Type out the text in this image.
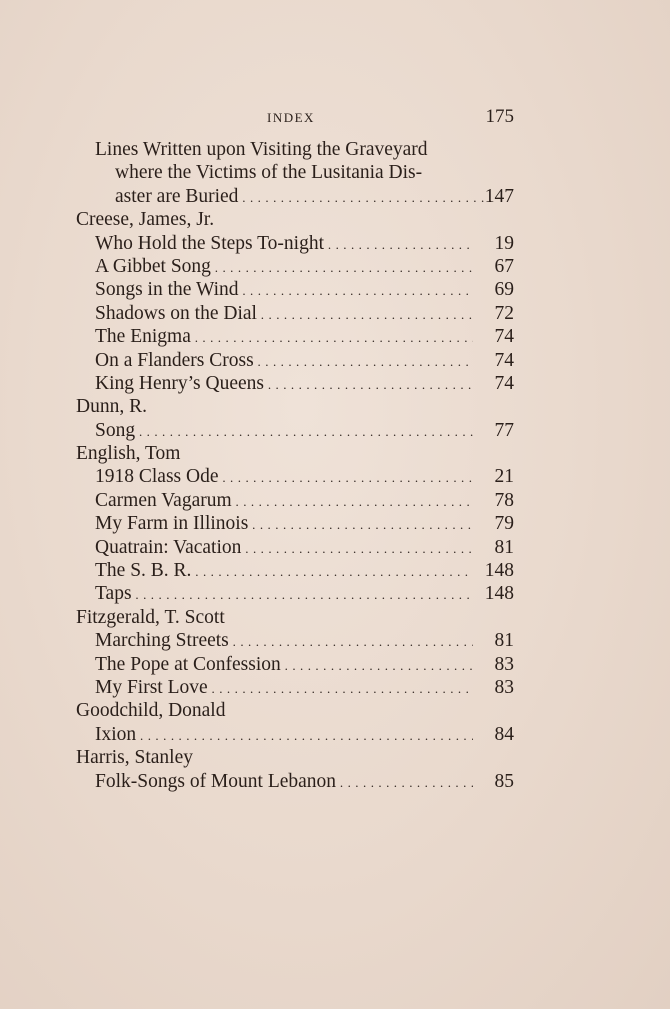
INDEX	175
Lines Written upon Visiting the Graveyard
where the Victims of the Lusitania Dis-
aster are Buried . . .	147
Creese, James, Jr.
Who Hold the Steps To-night . . .	19
A Gibbet Song . . .	67
Songs in the Wind . . .	69
Shadows on the Dial . . .	72
The Enigma . . .	74
On a Flanders Cross . . .	74
King Henry’s Queens . . .	74
Dunn, R.
Song . . .	77
English, Tom
1918 Class Ode . . .	21
Carmen Vagarum . . .	78
My Farm in Illinois . . .	79
Quatrain: Vacation . . .	81
The S. B. R. . . .	148
Taps . . .	148
Fitzgerald, T. Scott
Marching Streets . . .	81
The Pope at Confession . . .	83
My First Love . . .	83
Goodchild, Donald
Ixion . . .	84
Harris, Stanley
Folk-Songs of Mount Lebanon . . .	85
